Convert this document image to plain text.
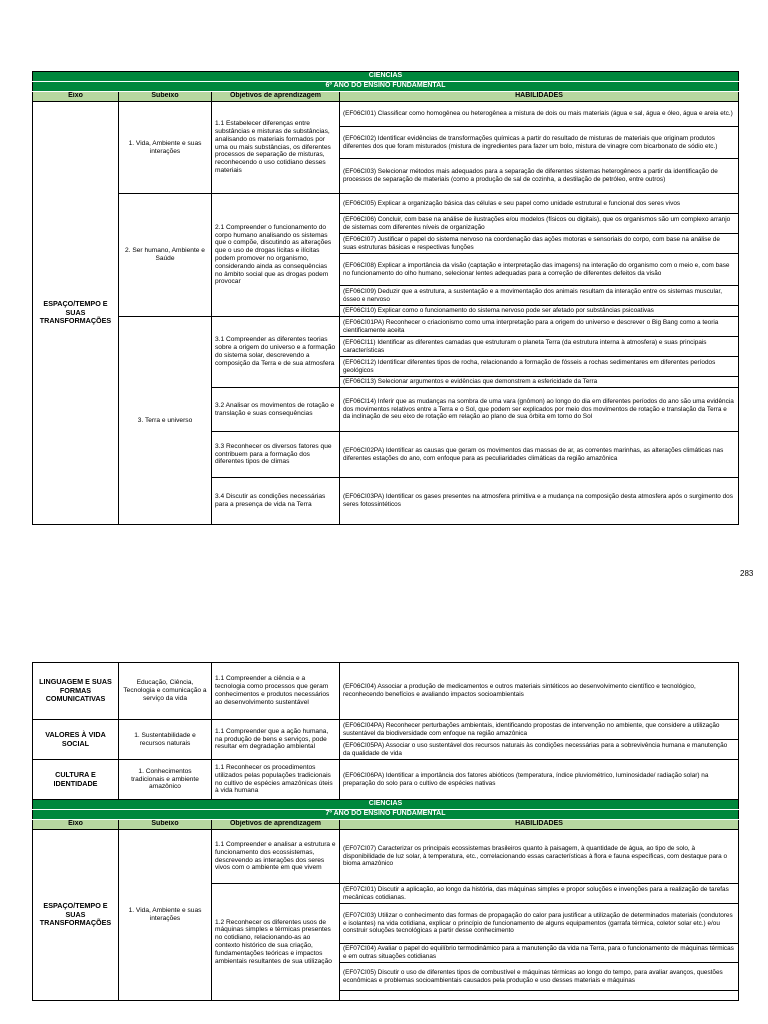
CIENCIAS			
6º ANO DO ENSINO FUNDAMENTAL			
Eixo	Subeixo	Objetivos de aprendizagem	HABILIDADES
ESPAÇO/TEMPO E SUAS TRANSFORMAÇÕES	1. Vida, Ambiente e suas interações	1.1 Estabelecer diferenças entre substâncias e misturas de substâncias, analisando os materiais formados por uma ou mais substâncias, os diferentes processos de separação de misturas, reconhecendo o uso cotidiano desses materiais	(EF06CI01) Classificar como homogênea ou heterogênea a mistura de dois ou mais materiais (água e sal, água e óleo, água e areia etc.)
			(EF06CI02) Identificar evidências de transformações químicas a partir do resultado de misturas de materiais que originam produtos diferentes dos que foram misturados (mistura de ingredientes para fazer um bolo, mistura de vinagre com bicarbonato de sódio etc.)
			(EF06CI03) Selecionar métodos mais adequados para a separação de diferentes sistemas heterogêneos a partir da identificação de processos de separação de materiais (como a produção de sal de cozinha, a destilação de petróleo, entre outros)
	2. Ser humano, Ambiente e Saúde	2.1 Compreender o funcionamento do corpo humano analisando os sistemas que o compõe, discutindo as alterações que o uso de drogas lícitas e ilícitas podem promover no organismo, considerando ainda as consequências no âmbito social que as drogas podem provocar	(EF06CI05) Explicar a organização básica das células e seu papel como unidade estrutural e funcional dos seres vivos
			(EF06CI06) Concluir, com base na análise de ilustrações e/ou modelos (físicos ou digitais), que os organismos são um complexo arranjo de sistemas com diferentes níveis de organização
			(EF06CI07) Justificar o papel do sistema nervoso na coordenação das ações motoras e sensoriais do corpo, com base na análise de suas estruturas básicas e respectivas funções
			(EF06CI08) Explicar a importância da visão (captação e interpretação das imagens) na interação do organismo com o meio e, com base no funcionamento do olho humano, selecionar lentes adequadas para a correção de diferentes defeitos da visão
			(EF06CI09) Deduzir que a estrutura, a sustentação e a movimentação dos animais resultam da interação entre os sistemas muscular, ósseo e nervoso
			(EF06CI10) Explicar como o funcionamento do sistema nervoso pode ser afetado por substâncias psicoativas
	3. Terra e universo	3.1 Compreender as diferentes teorias sobre a origem do universo e a formação do sistema solar, descrevendo a composição da Terra e de sua atmosfera	(EF06CI01PA) Reconhecer o criacionismo como uma interpretação para a origem do universo e descrever o Big Bang como a teoria cientificamente aceita
			(EF06CI11) Identificar as diferentes camadas que estruturam o planeta Terra (da estrutura interna à atmosfera) e suas principais características
			(EF06CI12) Identificar diferentes tipos de rocha, relacionando a formação de fósseis a rochas sedimentares em diferentes períodos geológicos
			(EF06CI13) Selecionar argumentos e evidências que demonstrem a esfericidade da Terra
		3.2 Analisar os movimentos de rotação e translação e suas consequências	(EF06CI14) Inferir que as mudanças na sombra de uma vara (gnômon) ao longo do dia em diferentes períodos do ano são uma evidência dos movimentos relativos entre a Terra e o Sol, que podem ser explicados por meio dos movimentos de rotação e translação da Terra e da inclinação de seu eixo de rotação em relação ao plano de sua órbita em torno do Sol
		3.3 Reconhecer os diversos fatores que contribuem para a formação dos diferentes tipos de climas	(EF06CI02PA) Identificar as causas que geram os movimentos das massas de ar, as correntes marinhas, as alterações climáticas nas diferentes estações do ano, com enfoque para as peculiaridades climáticas da região amazônica
		3.4 Discutir as condições necessárias para a presença de vida na Terra	(EF06CI03PA) Identificar os gases presentes na atmosfera primitiva e a mudança na composição desta atmosfera após o surgimento dos seres fotossintéticos
283
LINGUAGEM E SUAS FORMAS COMUNICATIVAS	Educação, Ciência, Tecnologia e comunicação a serviço da vida	1.1 Compreender a ciência e a tecnologia como processos que geram conhecimentos e produtos necessários ao desenvolvimento sustentável	(EF06CI04) Associar a produção de medicamentos e outros materiais sintéticos ao desenvolvimento científico e tecnológico, reconhecendo benefícios e avaliando impactos socioambientais
VALORES À VIDA SOCIAL	1. Sustentabilidade e recursos naturais	1.1 Compreender que a ação humana, na produção de bens e serviços, pode resultar em degradação ambiental	(EF06CI04PA) Reconhecer perturbações ambientais, identificando propostas de intervenção no ambiente, que considere a utilização sustentável da biodiversidade com enfoque na região amazônica
			(EF06CI05PA) Associar o uso sustentável dos recursos naturais às condições necessárias para a sobrevivência humana e manutenção da qualidade de vida
CULTURA E IDENTIDADE	1. Conhecimentos tradicionais e ambiente amazônico	1.1 Reconhecer os procedimentos utilizados pelas populações tradicionais no cultivo de espécies amazônicas úteis à vida humana	(EF06CI06PA) Identificar a importância dos fatores abióticos (temperatura, índice pluviométrico, luminosidade/ radiação solar) na preparação do solo para o cultivo de espécies nativas
CIENCIAS			
7º ANO DO ENSINO FUNDAMENTAL			
Eixo	Subeixo	Objetivos de aprendizagem	HABILIDADES
ESPAÇO/TEMPO E SUAS TRANSFORMAÇÕES	1. Vida, Ambiente e suas interações	1.1 Compreender e analisar a estrutura e funcionamento dos ecossistemas, descrevendo as interações dos seres vivos com o ambiente em que vivem	(EF07CI07) Caracterizar os principais ecossistemas brasileiros quanto à paisagem, à quantidade de água, ao tipo de solo, à disponibilidade de luz solar, à temperatura, etc., correlacionando essas características à flora e fauna específicas, com destaque para o bioma amazônico
		1.2 Reconhecer os diferentes usos de máquinas simples e térmicas presentes no cotidiano, relacionando-as ao contexto histórico de sua criação, fundamentações teóricas e impactos ambientais resultantes de sua utilização	(EF07CI01) Discutir a aplicação, ao longo da história, das máquinas simples e propor soluções e invenções para a realização de tarefas mecânicas cotidianas.
			(EF07CI03) Utilizar o conhecimento das formas de propagação do calor para justificar a utilização de determinados materiais (condutores e isolantes) na vida cotidiana, explicar o princípio de funcionamento de alguns equipamentos (garrafa térmica, coletor solar etc.) e/ou construir soluções tecnológicas a partir desse conhecimento
			(EF07CI04) Avaliar o papel do equilíbrio termodinâmico para a manutenção da vida na Terra, para o funcionamento de máquinas térmicas e em outras situações cotidianas
			(EF07CI05) Discutir o uso de diferentes tipos de combustível e máquinas térmicas ao longo do tempo, para avaliar avanços, questões econômicas e problemas socioambientais causados pela produção e uso desses materiais e máquinas
